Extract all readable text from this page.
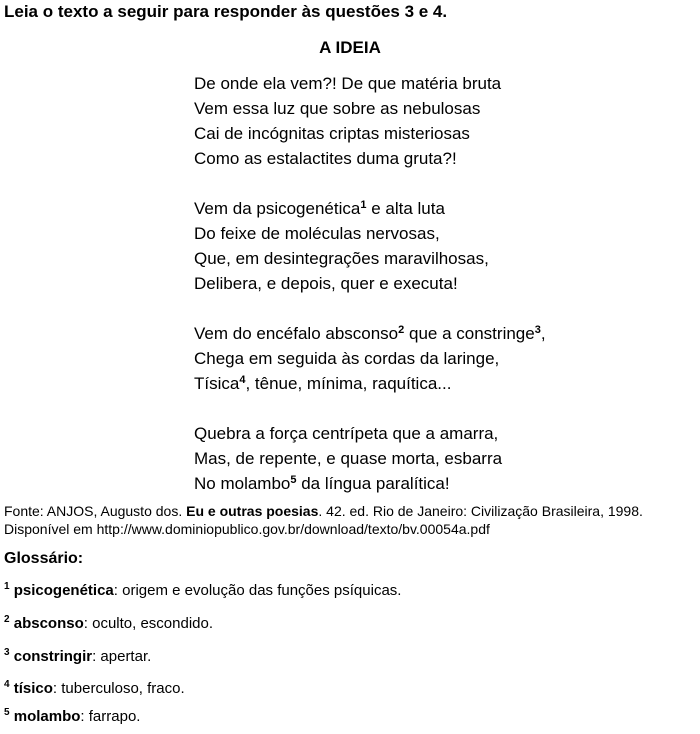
Leia o texto a seguir para responder às questões 3 e 4.
A IDEIA
De onde ela vem?! De que matéria bruta
Vem essa luz que sobre as nebulosas
Cai de incógnitas criptas misteriosas
Como as estalactites duma gruta?!
Vem da psicogenética$^1$ e alta luta
Do feixe de moléculas nervosas,
Que, em desintegrações maravilhosas,
Delibera, e depois, quer e executa!
Vem do encéfalo absconso$^2$ que a constringe$^3$,
Chega em seguida às cordas da laringe,
Tísica$^4$, tênue, mínima, raquítica...
Quebra a força centrípeta que a amarra,
Mas, de repente, e quase morta, esbarra
No molambo$^5$ da língua paralítica!
Fonte: ANJOS, Augusto dos. Eu e outras poesias. 42. ed. Rio de Janeiro: Civilização Brasileira, 1998.
Disponível em http://www.dominiopublico.gov.br/download/texto/bv.00054a.pdf
Glossário:
$^1$ psicogenética: origem e evolução das funções psíquicas.
$^2$ absconso: oculto, escondido.
$^3$ constringir: apertar.
$^4$ tísico: tuberculoso, fraco.
$^5$ molambo: farrapo.
